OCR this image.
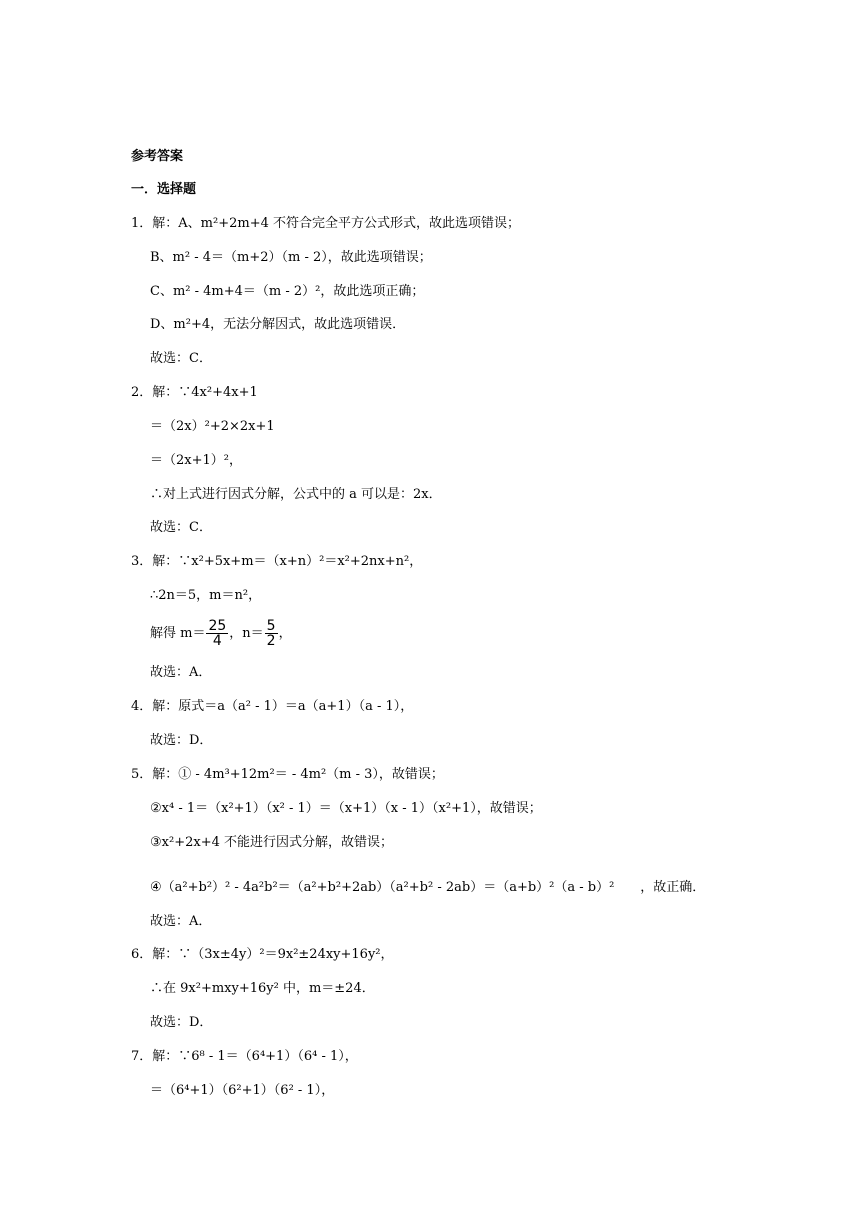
参考答案
一．选择题
1．解：A、m²+2m+4 不符合完全平方公式形式，故此选项错误；
B、m² - 4＝（m+2）（m - 2），故此选项错误；
C、m² - 4m+4＝（m - 2）²，故此选项正确；
D、m²+4，无法分解因式，故此选项错误．
故选：C．
2．解：∵4x²+4x+1
＝（2x）²+2×2x+1
＝（2x+1）²，
∴对上式进行因式分解，公式中的 a 可以是：2x．
故选：C．
3．解：∵x²+5x+m＝（x+n）²＝x²+2nx+n²，
∴2n＝5，m＝n²，
解得 $m= \frac{25}{4}$ ，$n= \frac{5}{2}$ ，
故选：A．
4．解：原式＝a（a² - 1）＝a（a+1）（a - 1），
故选：D．
5．解：① - 4m³+12m²＝ - 4m²（m - 3），故错误；
②x⁴ - 1＝（x²+1）（x² - 1）＝（x+1）（x - 1）（x²+1），故错误；
③x²+2x+4 不能进行因式分解，故错误；
④（a²+b²）² - 4a²b²＝（a²+b²+2ab）（a²+b² - 2ab）＝（a+b）²（a - b）²　　，故正确．
故选：A．
6．解：∵（3x±4y）²＝9x²±24xy+16y²，
∴在 9x²+mxy+16y² 中，m＝±24．
故选：D．
7．解：∵6⁸ - 1＝（6⁴+1）（6⁴ - 1），
＝（6⁴+1）（6²+1）（6² - 1），
